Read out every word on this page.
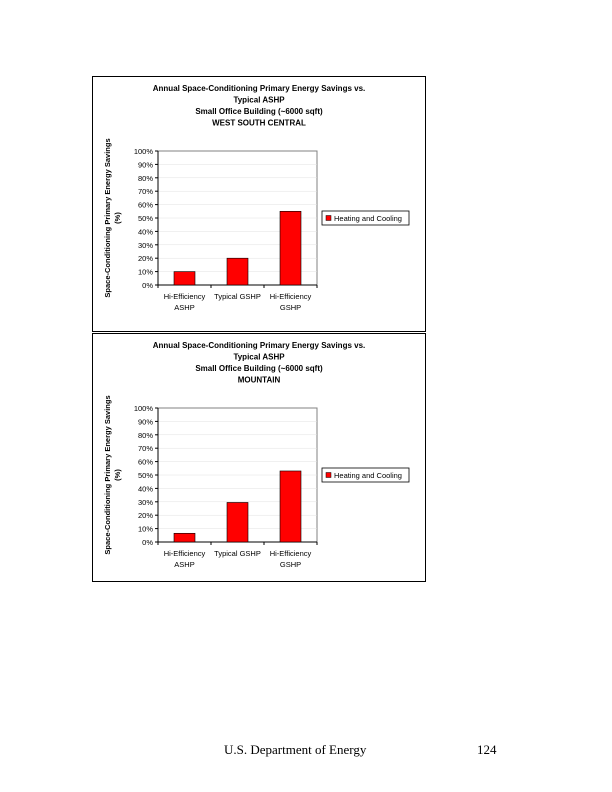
Annual Space-Conditioning Primary Energy Savings vs.
Typical ASHP
Small Office Building (~6000 sqft)
WEST SOUTH CENTRAL
0%
10%
20%
30%
40%
50%
60%
70%
80%
90%
100%
Hi-Efficiency
ASHP
Typical GSHP Hi-Efficiency
GSHP
Space-Conditioning Primary Energy Savings (%)	Heating and Cooling
Annual Space-Conditioning Primary Energy Savings vs.
Typical ASHP
Small Office Building (~6000 sqft)
MOUNTAIN
0%
10%
20%
30%
40%
50%
60%
70%
80%
90%
100%
Hi-Efficiency
ASHP
Typical GSHP Hi-Efficiency
GSHP
Space-Conditioning Primary Energy Savings (%)	Heating and Cooling
U.S. Department of Energy	124
